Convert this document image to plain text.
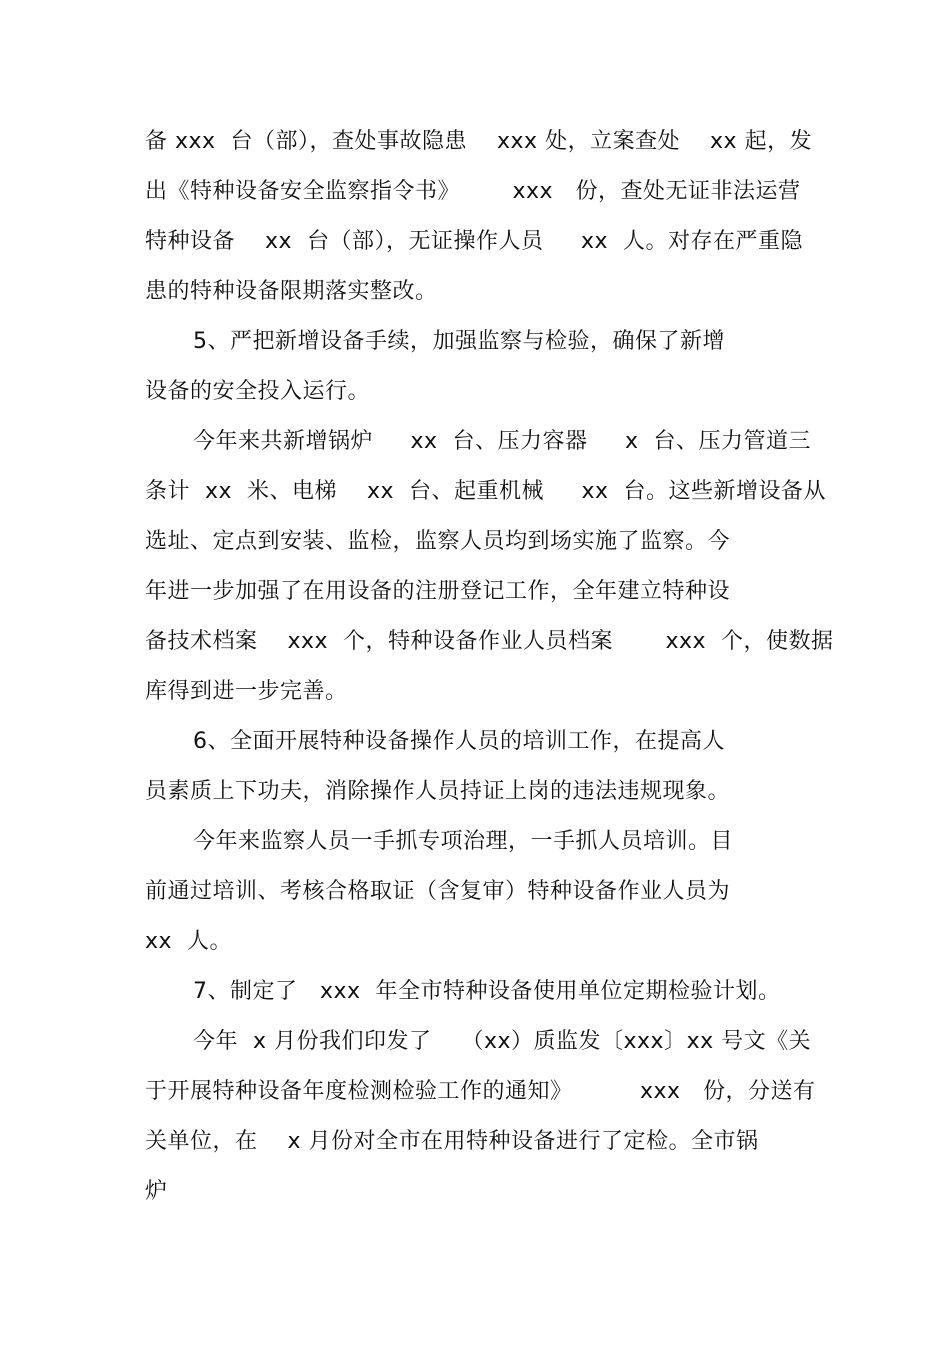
备 xxx  台（部），查处事故隐患    xxx 处，立案查处    xx 起，发
出《特种设备安全监察指令书》       xxx   份，查处无证非法运营
特种设备    xx  台（部），无证操作人员     xx  人。对存在严重隐
患的特种设备限期落实整改。
5、严把新增设备手续，加强监察与检验，确保了新增
设备的安全投入运行。
今年来共新增锅炉     xx  台、压力容器     x  台、压力管道三
条计  xx  米、电梯    xx  台、起重机械     xx  台。这些新增设备从
选址、定点到安装、监检，监察人员均到场实施了监察。今
年进一步加强了在用设备的注册登记工作，全年建立特种设
备技术档案    xxx  个，特种设备作业人员档案       xxx  个，使数据
库得到进一步完善。
6、全面开展特种设备操作人员的培训工作，在提高人
员素质上下功夫，消除操作人员持证上岗的违法违规现象。
今年来监察人员一手抓专项治理，一手抓人员培训。目
前通过培训、考核合格取证（含复审）特种设备作业人员为
xx  人。
7、制定了   xxx  年全市特种设备使用单位定期检验计划。
今年  x 月份我们印发了    （xx）质监发〔xxx〕xx 号文《关
于开展特种设备年度检测检验工作的通知》         xxx   份，分送有
关单位，在    x 月份对全市在用特种设备进行了定检。全市锅
炉
